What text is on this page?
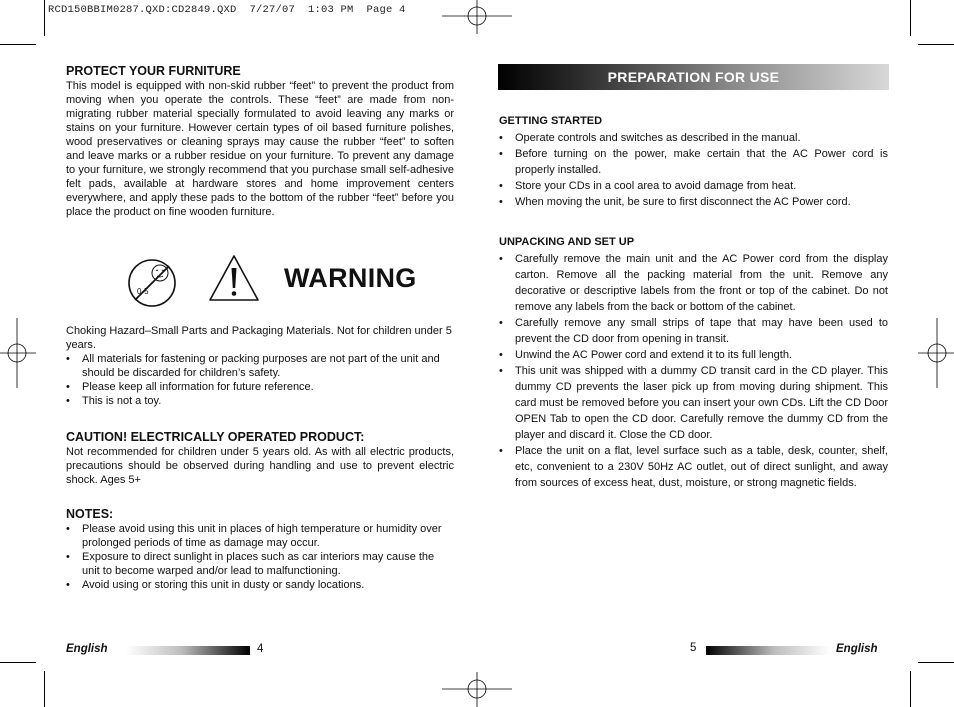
RCD150BBIM0287.QXD:CD2849.QXD  7/27/07  1:03 PM  Page 4
PROTECT YOUR FURNITURE

This model is equipped with non-skid rubber “feet” to prevent the product from moving when you operate the controls. These “feet” are made from non-migrating rubber material specially formulated to avoid leaving any marks or stains on your furniture. However certain types of oil based furniture polishes, wood preservatives or cleaning sprays may cause the rubber “feet” to soften and leave marks or a rubber residue on your furniture. To prevent any damage to your furniture, we strongly recommend that you purchase small self-adhesive felt pads, available at hardware stores and home improvement centers everywhere, and apply these pads to the bottom of the rubber “feet” before you place the product on fine wooden furniture.

0-5	WARNING

Choking Hazard–Small Parts and Packaging Materials. Not for children under 5 years.

• All materials for fastening or packing purposes are not part of the unit and should be discarded for children’s safety.
• Please keep all information for future reference.
• This is not a toy.
CAUTION! ELECTRICALLY OPERATED PRODUCT:

Not recommended for children under 5 years old. As with all electric products, precautions should be observed during handling and use to prevent electric shock. Ages 5+

NOTES:
• Please avoid using this unit in places of high temperature or humidity over prolonged periods of time as damage may occur.
• Exposure to direct sunlight in places such as car interiors may cause the unit to become warped and/or lead to malfunctioning.
• Avoid using or storing this unit in dusty or sandy locations.
English	4
PREPARATION FOR USE
GETTING STARTED
• Operate controls and switches as described in the manual.
• Before turning on the power, make certain that the AC Power cord is properly installed.
• Store your CDs in a cool area to avoid damage from heat.
• When moving the unit, be sure to first disconnect the AC Power cord.
UNPACKING AND SET UP
• Carefully remove the main unit and the AC Power cord from the display carton. Remove all the packing material from the unit. Remove any decorative or descriptive labels from the front or top of the cabinet. Do not remove any labels from the back or bottom of the cabinet.
• Carefully remove any small strips of tape that may have been used to prevent the CD door from opening in transit.
• Unwind the AC Power cord and extend it to its full length.
• This unit was shipped with a dummy CD transit card in the CD player. This dummy CD prevents the laser pick up from moving during shipment. This card must be removed before you can insert your own CDs. Lift the CD Door OPEN Tab to open the CD door. Carefully remove the dummy CD from the player and discard it. Close the CD door.
• Place the unit on a flat, level surface such as a table, desk, counter, shelf, etc, convenient to a 230V 50Hz AC outlet, out of direct sunlight, and away from sources of excess heat, dust, moisture, or strong magnetic fields.
5	English
